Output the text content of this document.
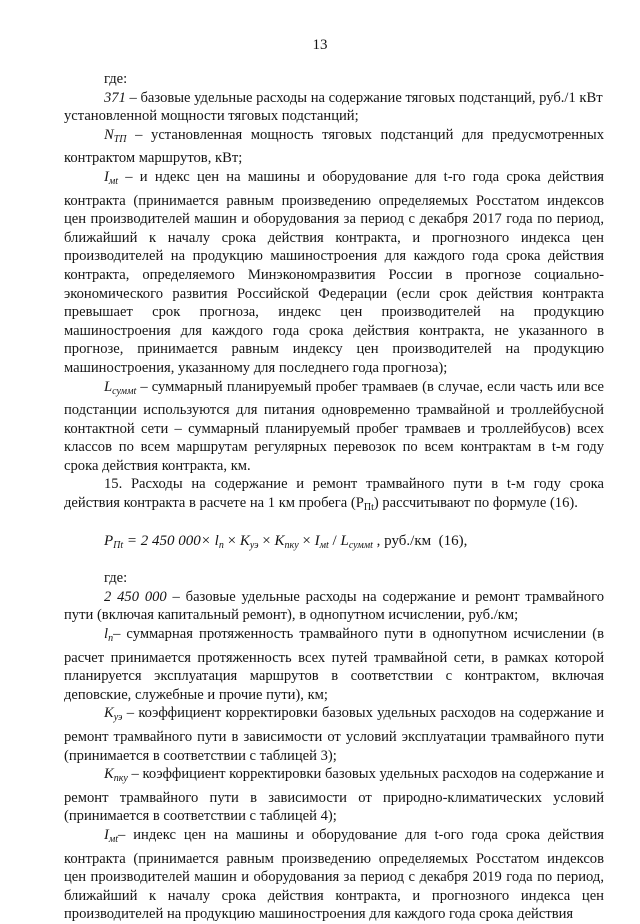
13

где:

371 – базовые удельные расходы на содержание тяговых подстанций, руб./1 кВт

установленной мощности тяговых подстанций;

$N_{ТП}$ – установленная мощность тяговых подстанций для предусмотренных контрактом маршрутов, кВт;

$I_{мt}$ – и ндекс цен на машины и оборудование для t-го года срока действия контракта (принимается равным произведению определяемых Росстатом индексов цен производителей машин и оборудования за период с декабря 2017 года по период, ближайший к началу срока действия контракта, и прогнозного индекса цен производителей на продукцию машиностроения для каждого года срока действия контракта, определяемого Минэкономразвития России в прогнозе социально-экономического развития Российской Федерации (если срок действия контракта превышает срок прогноза, индекс цен производителей на продукцию машиностроения для каждого года срока действия контракта, не указанного в прогнозе, принимается равным индексу цен производителей на продукцию машиностроения, указанному для последнего года прогноза);

$L_{суммt}$ – суммарный планируемый пробег трамваев (в случае, если часть или все подстанции используются для питания одновременно трамвайной и троллейбусной контактной сети – суммарный планируемый пробег трамваев и троллейбусов) всех классов по всем маршрутам регулярных перевозок по всем контрактам в t-м году срока действия контракта, км.

15. Расходы на содержание и ремонт трамвайного пути в t-м году срока действия контракта в расчете на 1 км пробега $(P_{Пt})$ рассчитывают по формуле (16).

$P_{Пt} = 2$ 450 $000\times l_п \times K_{уэ} \times K_{пку} \times I_{мt} / L_{суммt}$ , руб./км (16),

где:

2 450 000 – базовые удельные расходы на содержание и ремонт трамвайного пути (включая капитальный ремонт), в однопутном исчислении, руб./км;

$l_п-$ суммарная протяженность трамвайного пути в однопутном исчислении (в расчет принимается протяженность всех путей трамвайной сети, в рамках которой планируется эксплуатация маршрутов в соответствии с контрактом, включая деповские, служебные и прочие пути), км;

$K_{уэ}$ – коэффициент корректировки базовых удельных расходов на содержание и ремонт трамвайного пути в зависимости от условий эксплуатации трамвайного пути (принимается в соответствии с таблицей 3);

$K_{пку}$ – коэффициент корректировки базовых удельных расходов на содержание и ремонт трамвайного пути в зависимости от природно-климатических условий (принимается в соответствии с таблицей 4);

$I_{мt}-$ индекс цен на машины и оборудование для t-ого года срока действия контракта (принимается равным произведению определяемых Росстатом индексов цен производителей машин и оборудования за период с декабря 2019 года по период, ближайший к началу срока действия контракта, и прогнозного индекса цен производителей на продукцию машиностроения для каждого года срока действия
